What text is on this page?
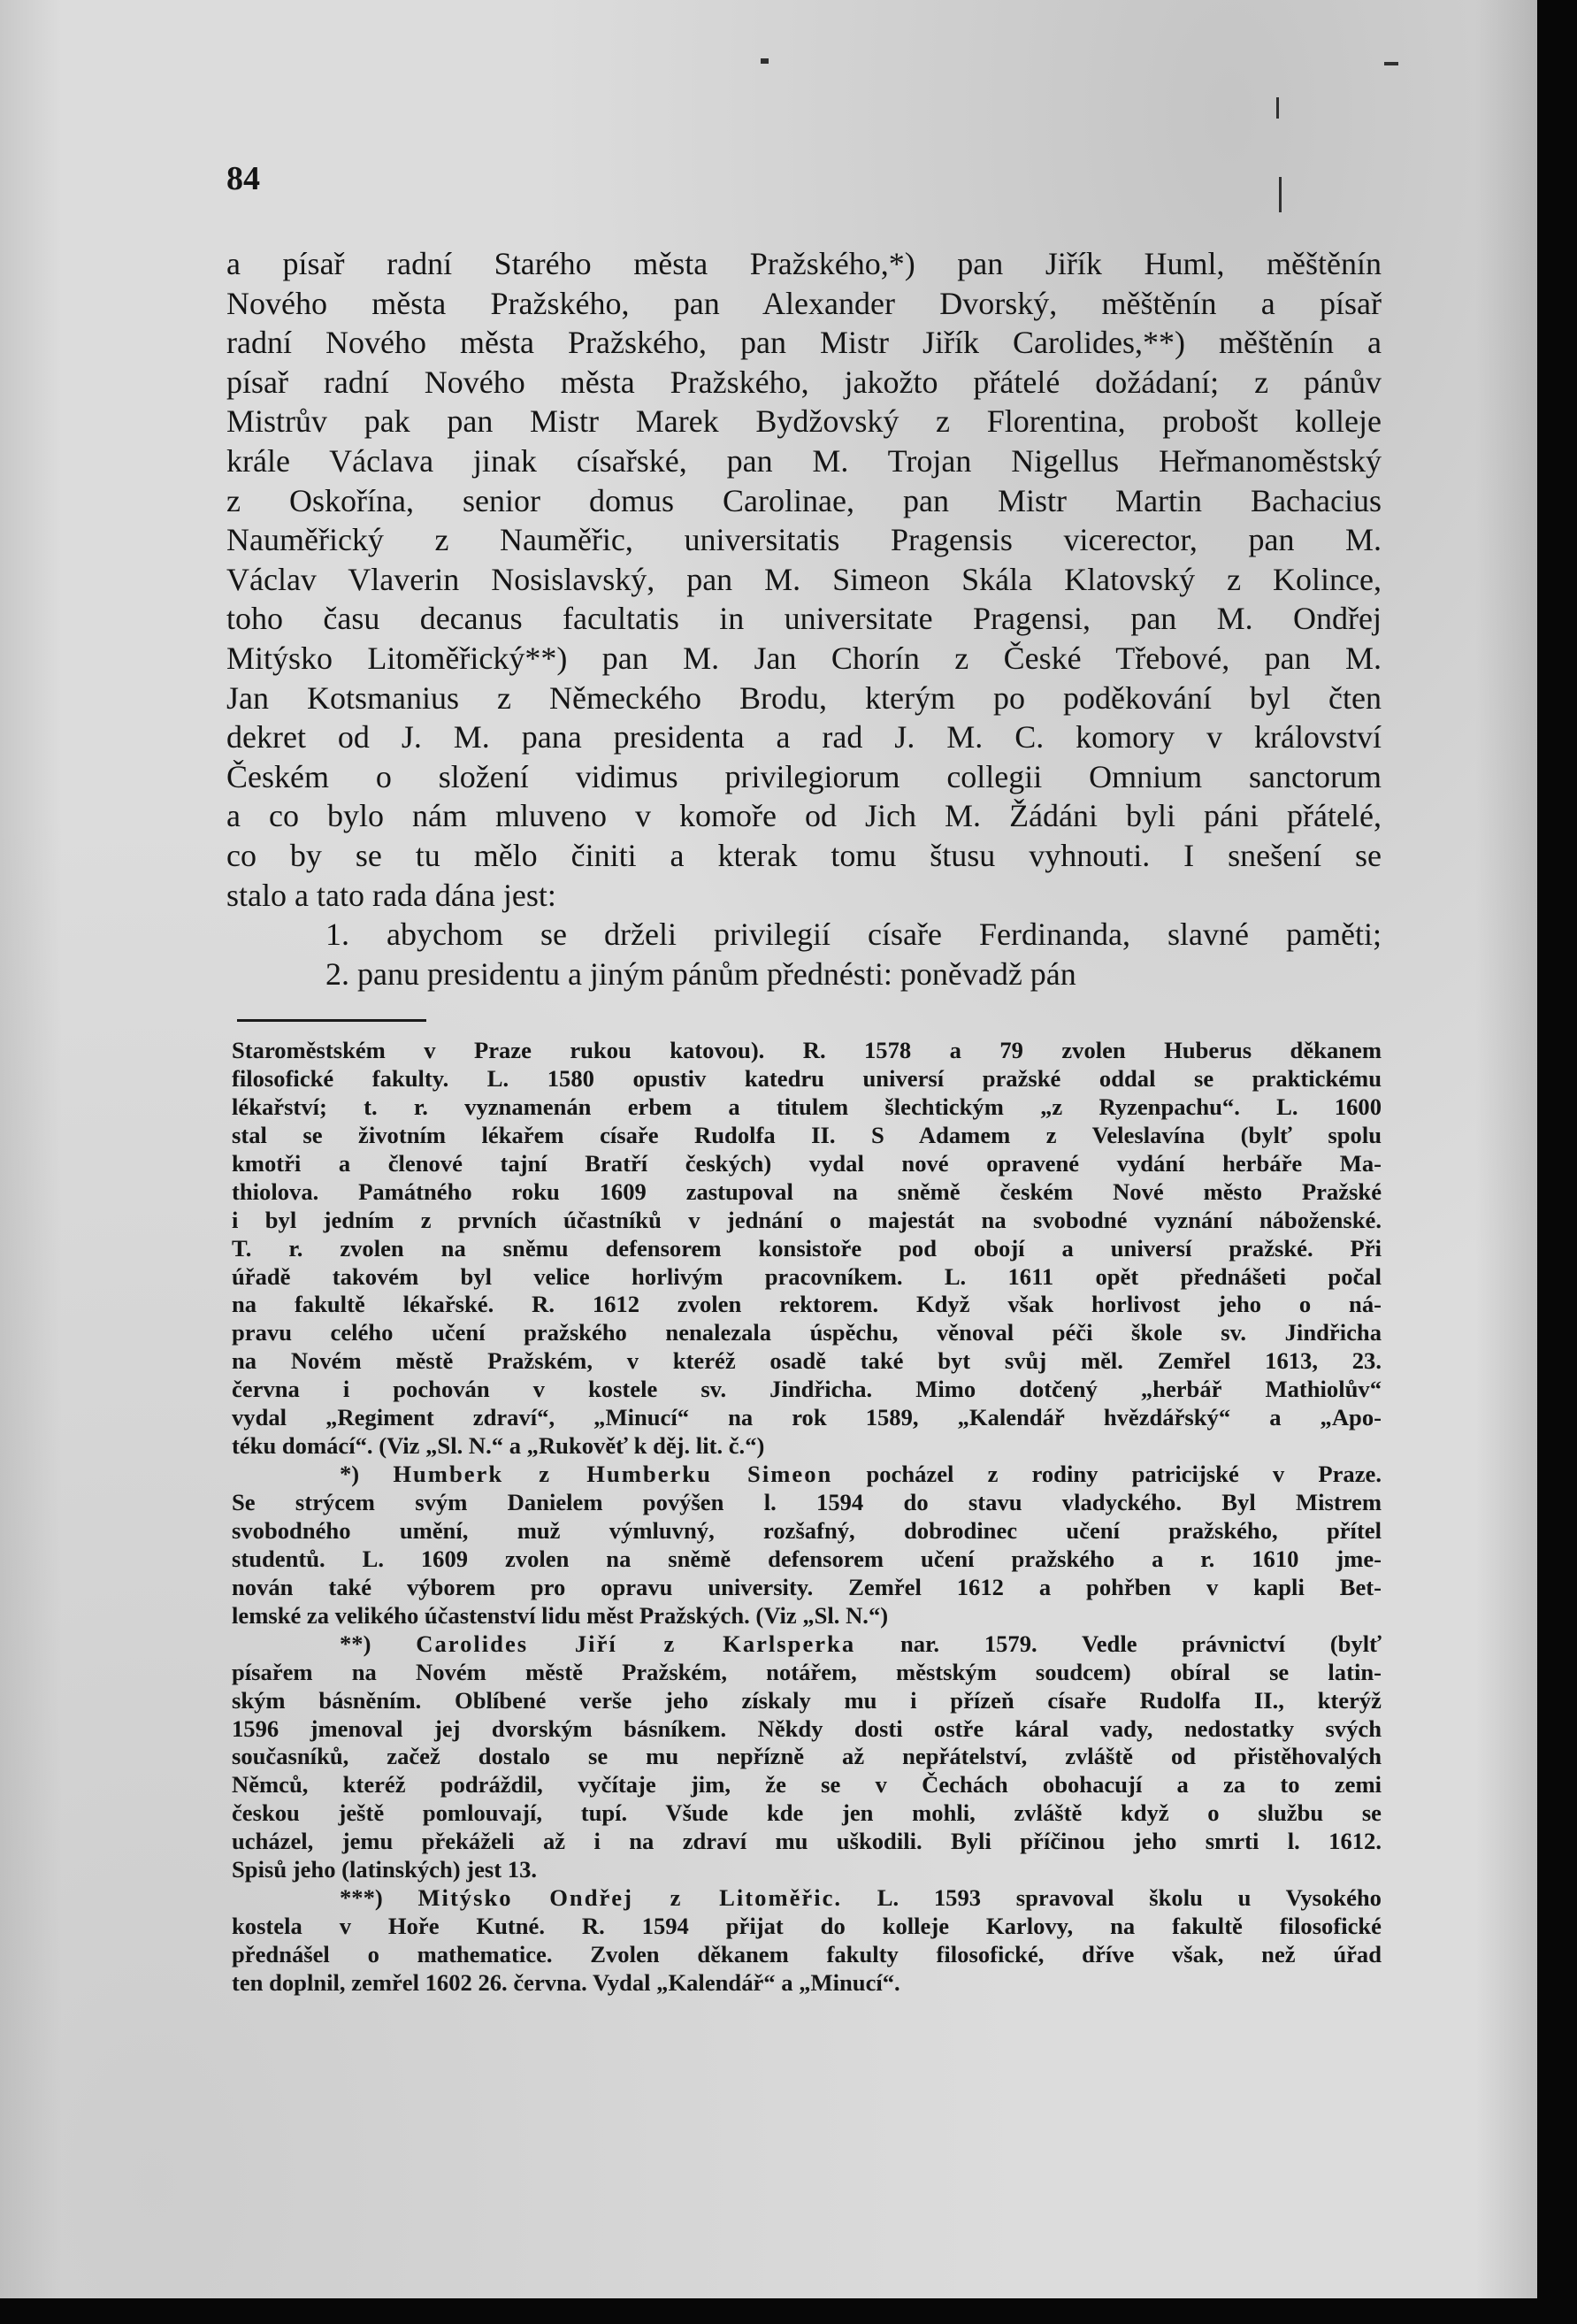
84
a písař radní Starého města Pražského,*) pan Jiřík Huml, měštěnín
Nového města Pražského, pan Alexander Dvorský, měštěnín a písař
radní Nového města Pražského, pan Mistr Jiřík Carolides,**) měštěnín a
písař radní Nového města Pražského, jakožto přátelé dožádaní; z pánův
Mistrův pak pan Mistr Marek Bydžovský z Florentina, probošt kolleje
krále Václava jinak císařské, pan M. Trojan Nigellus Heřmanoměstský
z Oskořína, senior domus Carolinae, pan Mistr Martin Bachacius
Nauměřický z Nauměřic, universitatis Pragensis vicerector, pan M.
Václav Vlaverin Nosislavský, pan M. Simeon Skála Klatovský z Kolince,
toho času decanus facultatis in universitate Pragensi, pan M. Ondřej
Mitýsko Litoměřický**) pan M. Jan Chorín z České Třebové, pan M.
Jan Kotsmanius z Německého Brodu, kterým po poděkování byl čten
dekret od J. M. pana presidenta a rad J. M. C. komory v království
Českém o složení vidimus privilegiorum collegii Omnium sanctorum
a co bylo nám mluveno v komoře od Jich M. Žádáni byli páni přátelé,
co by se tu mělo činiti a kterak tomu štusu vyhnouti. I snešení se
stalo a tato rada dána jest:
1. abychom se drželi privilegií císaře Ferdinanda, slavné paměti;
2. panu presidentu a jiným pánům přednésti: poněvadž pán
Staroměstském v Praze rukou katovou). R. 1578 a 79 zvolen Huberus děkanem
filosofické fakulty. L. 1580 opustiv katedru universí pražské oddal se praktickému
lékařství; t. r. vyznamenán erbem a titulem šlechtickým „z Ryzenpachu“. L. 1600
stal se životním lékařem císaře Rudolfa II. S Adamem z Veleslavína (bylť spolu
kmotři a členové tajní Bratří českých) vydal nové opravené vydání herbáře Ma-
thiolova. Památného roku 1609 zastupoval na sněmě českém Nové město Pražské
i byl jedním z prvních účastníků v jednání o majestát na svobodné vyznání náboženské.
T. r. zvolen na sněmu defensorem konsistoře pod obojí a universí pražské. Při
úřadě takovém byl velice horlivým pracovníkem. L. 1611 opět přednášeti počal
na fakultě lékařské. R. 1612 zvolen rektorem. Když však horlivost jeho o ná-
pravu celého učení pražského nenalezala úspěchu, věnoval péči škole sv. Jindřicha
na Novém městě Pražském, v kteréž osadě také byt svůj měl. Zemřel 1613, 23.
června i pochován v kostele sv. Jindřicha. Mimo dotčený „herbář Mathiolův“
vydal „Regiment zdraví“, „Minucí“ na rok 1589, „Kalendář hvězdářský“ a „Apo-
téku domácí“. (Viz „Sl. N.“ a „Rukověť k děj. lit. č.“)
*) Humberk z Humberku Simeon pocházel z rodiny patricijské v Praze.
Se strýcem svým Danielem povýšen l. 1594 do stavu vladyckého. Byl Mistrem
svobodného umění, muž výmluvný, rozšafný, dobrodinec učení pražského, přítel
studentů. L. 1609 zvolen na sněmě defensorem učení pražského a r. 1610 jme-
nován také výborem pro opravu university. Zemřel 1612 a pohřben v kapli Bet-
lemské za velikého účastenství lidu měst Pražských. (Viz „Sl. N.“)
**) Carolides Jiří z Karlsperka nar. 1579. Vedle právnictví (bylť
písařem na Novém městě Pražském, notářem, městským soudcem) obíral se latin-
ským básněním. Oblíbené verše jeho získaly mu i přízeň císaře Rudolfa II., kterýž
1596 jmenoval jej dvorským básníkem. Někdy dosti ostře káral vady, nedostatky svých
současníků, začež dostalo se mu nepřízně až nepřátelství, zvláště od přistěhovalých
Němců, kteréž podráždil, vyčítaje jim, že se v Čechách obohacují a za to zemi
českou ještě pomlouvají, tupí. Všude kde jen mohli, zvláště když o službu se
ucházel, jemu překáželi až i na zdraví mu uškodili. Byli příčinou jeho smrti l. 1612.
Spisů jeho (latinských) jest 13.
***) Mitýsko Ondřej z Litoměřic. L. 1593 spravoval školu u Vysokého
kostela v Hoře Kutné. R. 1594 přijat do kolleje Karlovy, na fakultě filosofické
přednášel o mathematice. Zvolen děkanem fakulty filosofické, dříve však, než úřad
ten doplnil, zemřel 1602 26. června. Vydal „Kalendář“ a „Minucí“.
